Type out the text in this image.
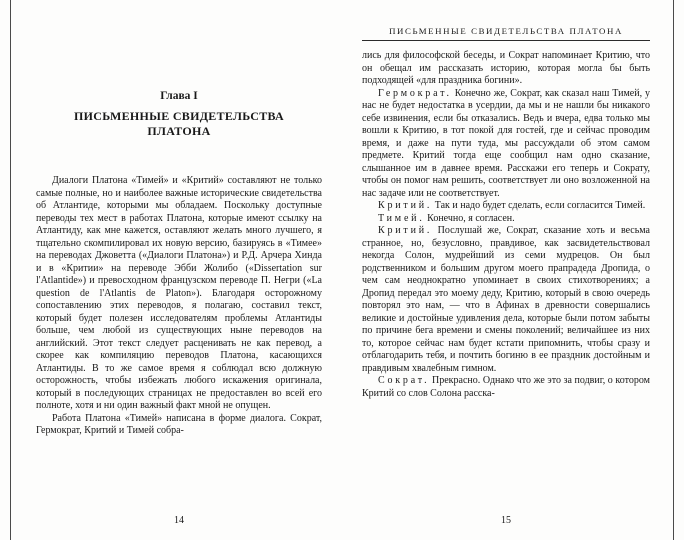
Глава I
ПИСЬМЕННЫЕ СВИДЕТЕЛЬСТВА ПЛАТОНА

Диалоги Платона «Тимей» и «Критий» составляют не только самые полные, но и наиболее важные исторические свидетельства об Атлантиде, которыми мы обладаем. Поскольку доступные переводы тех мест в работах Платона, которые имеют ссылку на Атлантиду, как мне кажется, оставляют желать много лучшего, я тщательно скомпилировал их новую версию, базируясь в «Тимее» на переводах Джоветта («Диалоги Платона») и Р.Д. Арчера Хинда и в «Критии» на переводе Эбби Жолибо («Dissertation sur l'Atlantide») и превосходном французском переводе П. Негри («La question de l'Atlantis de Platon»). Благодаря осторожному сопоставлению этих переводов, я полагаю, составил текст, который будет полезен исследователям проблемы Атлантиды больше, чем любой из существующих ныне переводов на английский. Этот текст следует расценивать не как перевод, а скорее как компиляцию переводов Платона, касающихся Атлантиды. В то же самое время я соблюдал всю должную осторожность, чтобы избежать любого искажения оригинала, который в последующих страницах не предоставлен во всей его полноте, хотя и ни один важный факт мной не опущен.

Работа Платона «Тимей» написана в форме диалога. Сократ, Гермократ, Критий и Тимей собра-

14
ПИСЬМЕННЫЕ СВИДЕТЕЛЬСТВА ПЛАТОНА

лись для философской беседы, и Сократ напоминает Критию, что он обещал им рассказать историю, которая могла бы быть подходящей «для праздника богини».

Гермократ. Конечно же, Сократ, как сказал наш Тимей, у нас не будет недостатка в усердии, да мы и не нашли бы никакого себе извинения, если бы отказались. Ведь и вчера, едва только мы вошли к Критию, в тот покой для гостей, где и сейчас проводим время, и даже на пути туда, мы рассуждали об этом самом предмете. Критий тогда еще сообщил нам одно сказание, слышанное им в давнее время. Расскажи его теперь и Сократу, чтобы он помог нам решить, соответствует ли оно возложенной на нас задаче или не соответствует.

Критий. Так и надо будет сделать, если согласится Тимей.

Тимей. Конечно, я согласен.

Критий. Послушай же, Сократ, сказание хоть и весьма странное, но, безусловно, правдивое, как засвидетельствовал некогда Солон, мудрейший из семи мудрецов. Он был родственником и большим другом моего прапрадеда Дропида, о чем сам неоднократно упоминает в своих стихотворениях; а Дропид передал это моему деду, Критию, который в свою очередь повторял это нам, — что в Афинах в древности совершались великие и достойные удивления дела, которые были потом забыты по причине бега времени и смены поколений; величайшее из них то, которое сейчас нам будет кстати припомнить, чтобы сразу и отблагодарить тебя, и почтить богиню в ее праздник достойным и правдивым хвалебным гимном.

Сократ. Прекрасно. Однако что же это за подвиг, о котором Критий со слов Солона расска-

15
